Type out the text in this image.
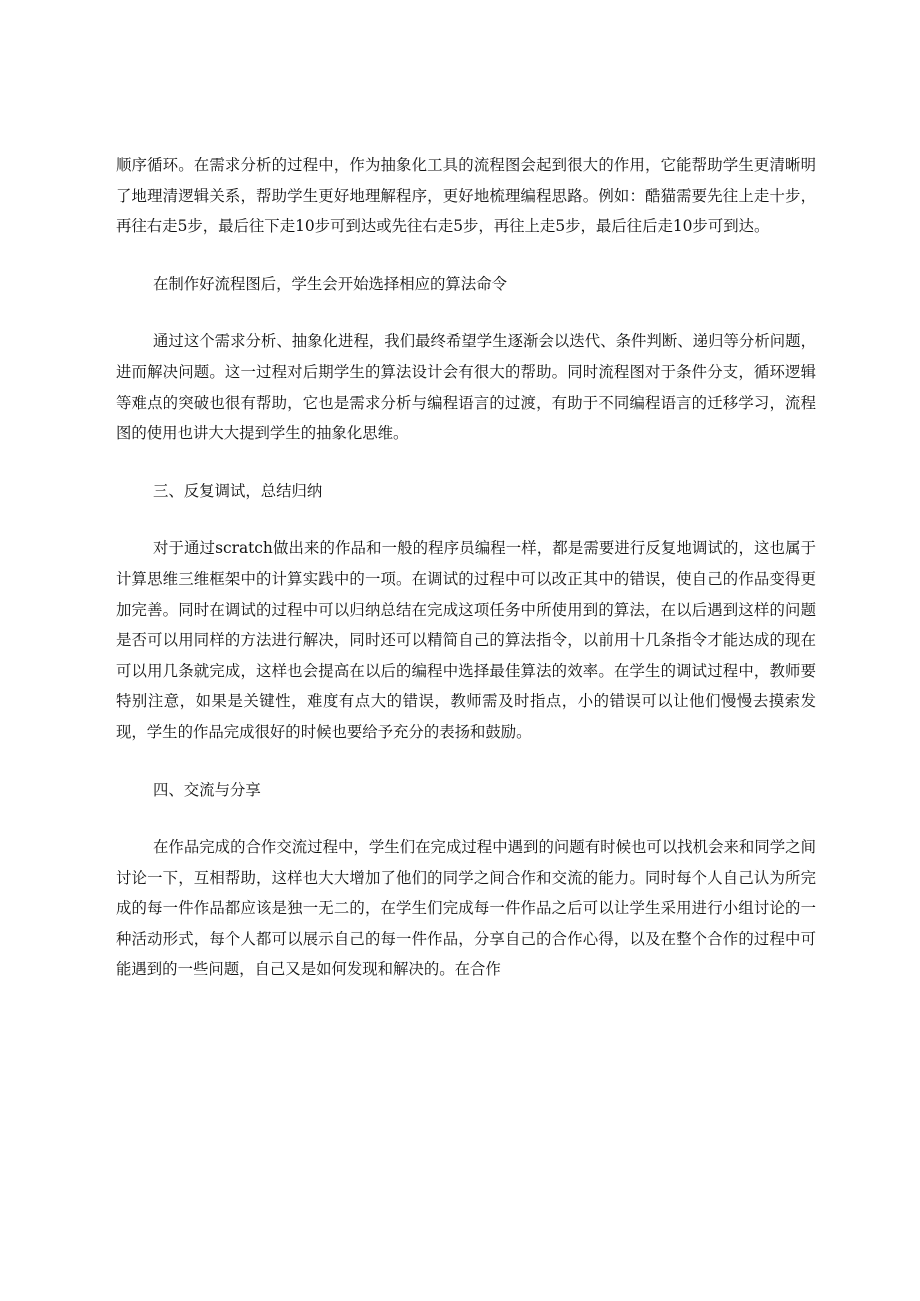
顺序循环。在需求分析的过程中，作为抽象化工具的流程图会起到很大的作用，它能帮助学生更清晰明了地理清逻辑关系，帮助学生更好地理解程序，更好地梳理编程思路。例如：酷猫需要先往上走十步，再往右走5步，最后往下走10步可到达或先往右走5步，再往上走5步，最后往后走10步可到达。

在制作好流程图后，学生会开始选择相应的算法命令

通过这个需求分析、抽象化进程，我们最终希望学生逐渐会以迭代、条件判断、递归等分析问题，进而解决问题。这一过程对后期学生的算法设计会有很大的帮助。同时流程图对于条件分支，循环逻辑等难点的突破也很有帮助，它也是需求分析与编程语言的过渡，有助于不同编程语言的迁移学习，流程图的使用也讲大大提到学生的抽象化思维。

三、反复调试，总结归纳

对于通过scratch做出来的作品和一般的程序员编程一样，都是需要进行反复地调试的，这也属于计算思维三维框架中的计算实践中的一项。在调试的过程中可以改正其中的错误，使自己的作品变得更加完善。同时在调试的过程中可以归纳总结在完成这项任务中所使用到的算法，在以后遇到这样的问题是否可以用同样的方法进行解决，同时还可以精简自己的算法指令，以前用十几条指令才能达成的现在可以用几条就完成，这样也会提高在以后的编程中选择最佳算法的效率。在学生的调试过程中，教师要特别注意，如果是关键性，难度有点大的错误，教师需及时指点，小的错误可以让他们慢慢去摸索发现，学生的作品完成很好的时候也要给予充分的表扬和鼓励。

四、交流与分享

在作品完成的合作交流过程中，学生们在完成过程中遇到的问题有时候也可以找机会来和同学之间讨论一下，互相帮助，这样也大大增加了他们的同学之间合作和交流的能力。同时每个人自己认为所完成的每一件作品都应该是独一无二的，在学生们完成每一件作品之后可以让学生采用进行小组讨论的一种活动形式，每个人都可以展示自己的每一件作品，分享自己的合作心得，以及在整个合作的过程中可能遇到的一些问题，自己又是如何发现和解决的。在合作
